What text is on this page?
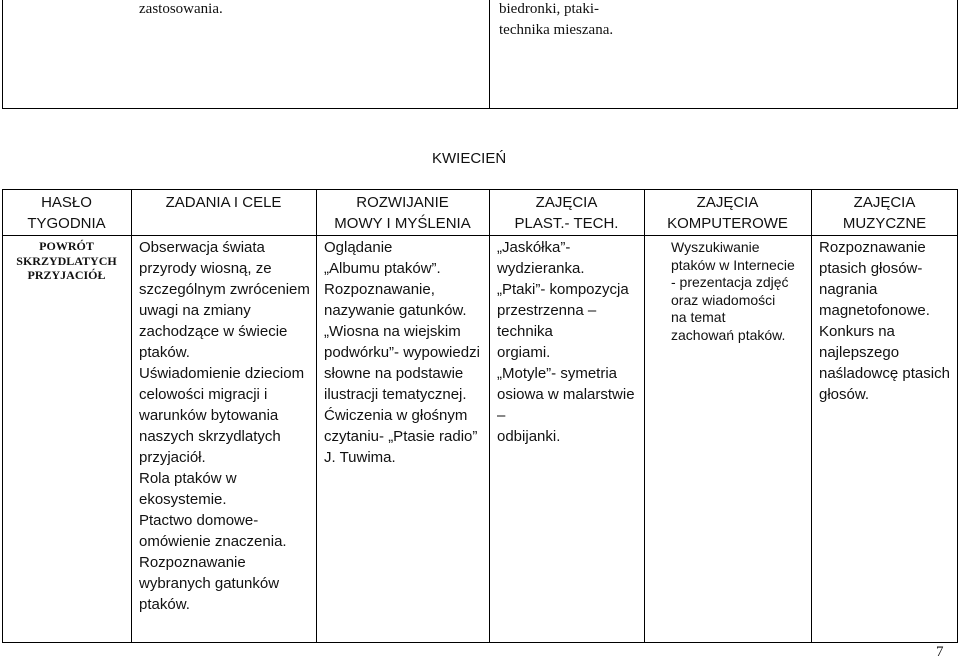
zastosowania.	biedronki, ptaki-
technika mieszana.
KWIECIEŃ
HASŁO
TYGODNIA
ZADANIA I CELE	ROZWIJANIE
MOWY I MYŚLENIA
ZAJĘCIA
PLAST.- TECH.
ZAJĘCIA
KOMPUTEROWE
ZAJĘCIA
MUZYCZNE
POWRÓT
SKRZYDLATYCH
PRZYJACIÓŁ
Obserwacja świata
przyrody wiosną, ze
szczególnym zwróceniem
uwagi na zmiany
zachodzące w świecie
ptaków.
Uświadomienie dzieciom
celowości migracji i
warunków bytowania
naszych skrzydlatych
przyjaciół.
Rola ptaków w
ekosystemie.
Ptactwo domowe-
omówienie znaczenia.
Rozpoznawanie
wybranych gatunków
ptaków.
Oglądanie
„Albumu ptaków”.
Rozpoznawanie,
nazywanie gatunków.
„Wiosna na wiejskim
podwórku”- wypowiedzi
słowne na podstawie
ilustracji tematycznej.
Ćwiczenia w głośnym
czytaniu- „Ptasie radio”
J. Tuwima.
„Jaskółka”-
wydzieranka.
„Ptaki”- kompozycja
przestrzenna – technika
orgiami.
„Motyle”- symetria
osiowa w malarstwie –
odbijanki.
Wyszukiwanie
ptaków w Internecie
- prezentacja zdjęć
oraz wiadomości
na temat
zachowań ptaków.
Rozpoznawanie
ptasich głosów-
nagrania
magnetofonowe.
Konkurs na
najlepszego
naśladowcę ptasich
głosów.
7
